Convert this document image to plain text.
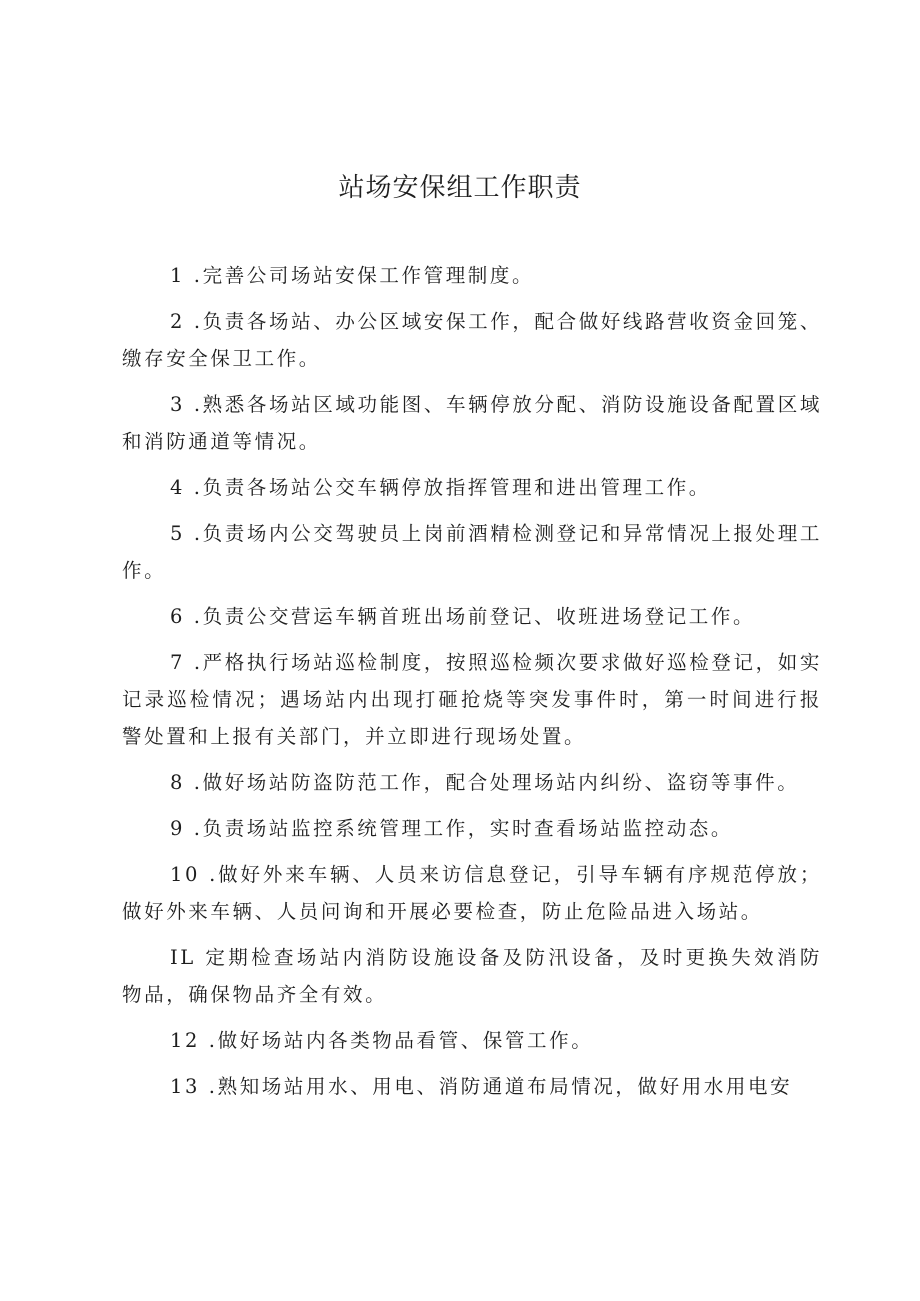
站场安保组工作职责

1 .完善公司场站安保工作管理制度。

2 .负责各场站、办公区域安保工作，配合做好线路营收资金回笼、缴存安全保卫工作。

3 .熟悉各场站区域功能图、车辆停放分配、消防设施设备配置区域和消防通道等情况。

4 .负责各场站公交车辆停放指挥管理和进出管理工作。

5 .负责场内公交驾驶员上岗前酒精检测登记和异常情况上报处理工作。

6 .负责公交营运车辆首班出场前登记、收班进场登记工作。

7 .严格执行场站巡检制度，按照巡检频次要求做好巡检登记，如实记录巡检情况；遇场站内出现打砸抢烧等突发事件时，第一时间进行报警处置和上报有关部门，并立即进行现场处置。

8 .做好场站防盗防范工作，配合处理场站内纠纷、盗窃等事件。

9 .负责场站监控系统管理工作，实时查看场站监控动态。

10 .做好外来车辆、人员来访信息登记，引导车辆有序规范停放；做好外来车辆、人员问询和开展必要检查，防止危险品进入场站。

IL 定期检查场站内消防设施设备及防汛设备，及时更换失效消防物品，确保物品齐全有效。

12 .做好场站内各类物品看管、保管工作。

13 .熟知场站用水、用电、消防通道布局情况，做好用水用电安
